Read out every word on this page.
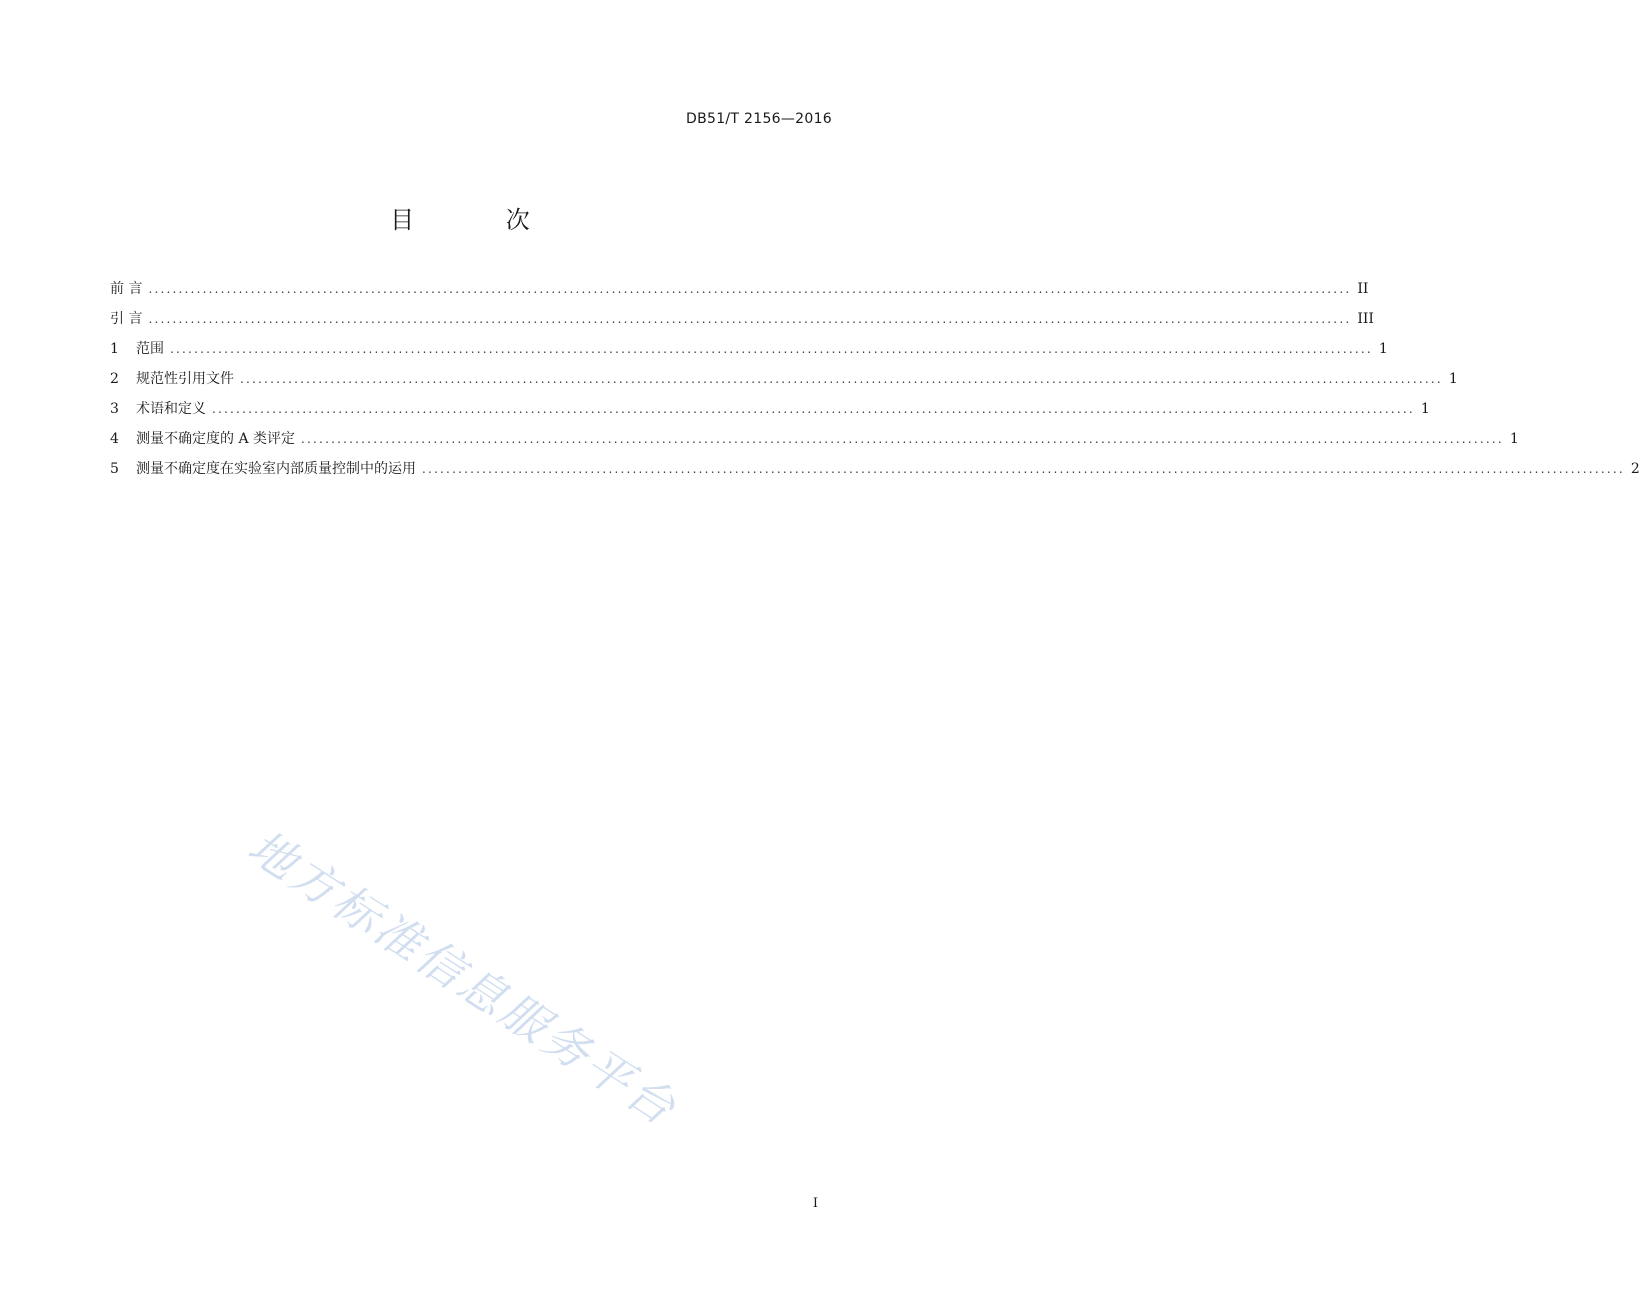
DB51/T 2156—2016
目 次
前 言 ........................................................................................................................................................................................................ II
引 言 ........................................................................................................................................................................................................ III
1	范围 ........................................................................................................................................................................................................ 1
2	规范性引用文件 ........................................................................................................................................................................................................ 1
3	术语和定义 ........................................................................................................................................................................................................ 1
4	测量不确定度的 A 类评定 ........................................................................................................................................................................................................ 1
5	测量不确定度在实验室内部质量控制中的运用 ........................................................................................................................................................................................................ 2
地方标准信息服务平台
I
